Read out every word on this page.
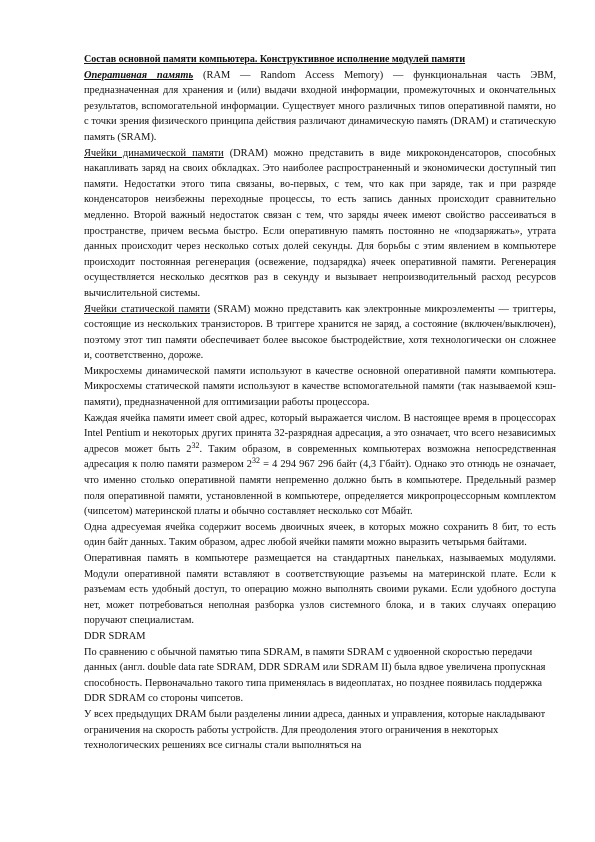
Состав основной памяти компьютера. Конструктивное исполнение модулей памяти

Оперативная память (RAM — Random Access Memory) — функциональная часть ЭВМ, предназначенная для хранения и (или) выдачи входной информации, промежуточных и окончательных результатов, вспомогательной информации. Существует много различных типов оперативной памяти, но с точки зрения физического принципа действия различают динамическую память (DRAM) и статическую память (SRAM).

Ячейки динамической памяти (DRAM) можно представить в виде микроконденсаторов, способных накапливать заряд на своих обкладках. Это наиболее распространенный и экономически доступный тип памяти. Недостатки этого типа связаны, во-первых, с тем, что как при заряде, так и при разряде конденсаторов неизбежны переходные процессы, то есть запись данных происходит сравнительно медленно. Второй важный недостаток связан с тем, что заряды ячеек имеют свойство рассеиваться в пространстве, причем весьма быстро. Если оперативную память постоянно не «подзаряжать», утрата данных происходит через несколько сотых долей секунды. Для борьбы с этим явлением в компьютере происходит постоянная регенерация (освежение, подзарядка) ячеек оперативной памяти. Регенерация осуществляется несколько десятков раз в секунду и вызывает непроизводительный расход ресурсов вычислительной системы.

Ячейки статической памяти (SRAM) можно представить как электронные микроэлементы — триггеры, состоящие из нескольких транзисторов. В триггере хранится не заряд, а состояние (включен/выключен), поэтому этот тип памяти обеспечивает более высокое быстродействие, хотя технологически он сложнее и, соответственно, дороже.

Микросхемы динамической памяти используют в качестве основной оперативной памяти компьютера. Микросхемы статической памяти используют в качестве вспомогательной памяти (так называемой кэш-памяти), предназначенной для оптимизации работы процессора.

Каждая ячейка памяти имеет свой адрес, который выражается числом. В настоящее время в процессорах Intel Pentium и некоторых других принята 32-разрядная адресация, а это означает, что всего независимых адресов может быть $2^{32}$. Таким образом, в современных компьютерах возможна непосредственная адресация к полю памяти размером $2^{32} = 4$ 294 967 296 байт (4,3 Гбайт). Однако это отнюдь не означает, что именно столько оперативной памяти непременно должно быть в компьютере. Предельный размер поля оперативной памяти, установленной в компьютере, определяется микропроцессорным комплектом (чипсетом) материнской платы и обычно составляет несколько сот Мбайт.

Одна адресуемая ячейка содержит восемь двоичных ячеек, в которых можно сохранить 8 бит, то есть один байт данных. Таким образом, адрес любой ячейки памяти можно выразить четырьмя байтами.

Оперативная память в компьютере размещается на стандартных панельках, называемых модулями. Модули оперативной памяти вставляют в соответствующие разъемы на материнской плате. Если к разъемам есть удобный доступ, то операцию можно выполнять своими руками. Если удобного доступа нет, может потребоваться неполная разборка узлов системного блока, и в таких случаях операцию поручают специалистам.

DDR SDRAM

По сравнению с обычной памятью типа SDRAM, в памяти SDRAM с удвоенной скоростью передачи данных (англ. double data rate SDRAM, DDR SDRAM или SDRAM II) была вдвое увеличена пропускная способность. Первоначально такого типа применялась в видеоплатах, но позднее появилась поддержка DDR SDRAM со стороны чипсетов.

У всех предыдущих DRAM были разделены линии адреса, данных и управления, которые накладывают ограничения на скорость работы устройств. Для преодоления этого ограничения в некоторых технологических решениях все сигналы стали выполняться на
